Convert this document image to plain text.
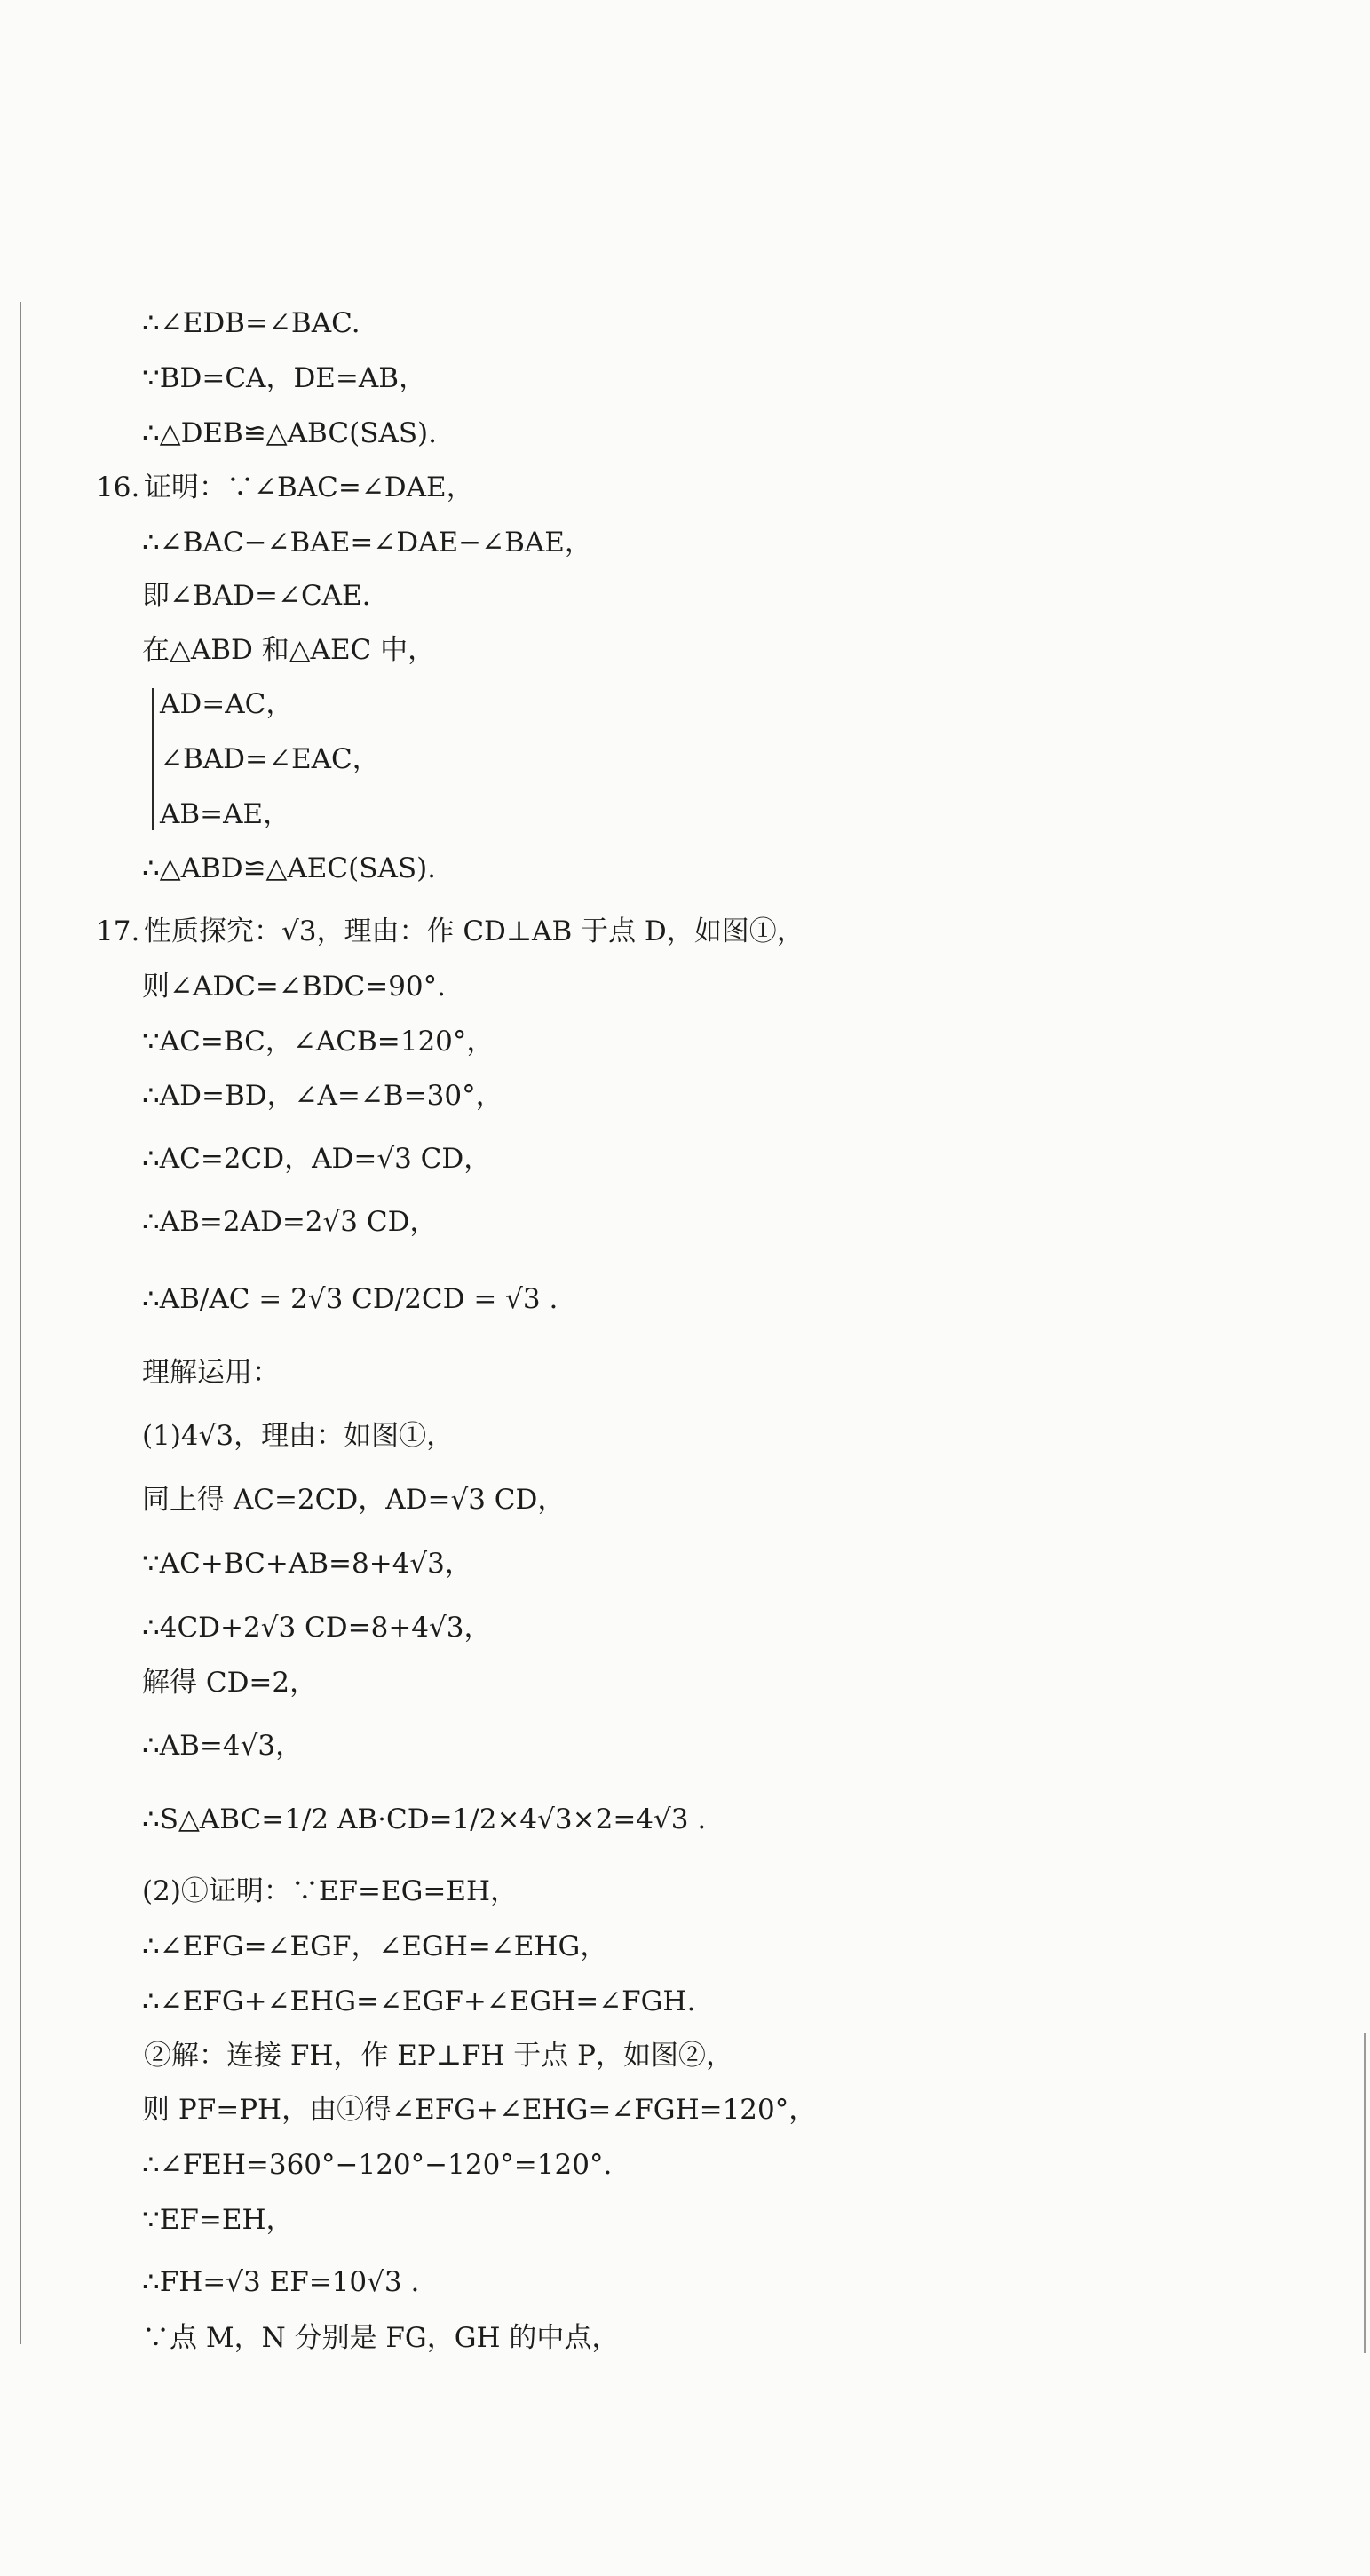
∴∠EDB=∠BAC.
∵BD=CA，DE=AB，
∴△DEB≌△ABC(SAS).
16. 证明：∵∠BAC=∠DAE，
∴∠BAC−∠BAE=∠DAE−∠BAE，
即∠BAD=∠CAE.
在△ABD 和△AEC 中，
AD=AC，
∠BAD=∠EAC，
AB=AE，
∴△ABD≌△AEC(SAS).
17. 性质探究：√3，理由：作 CD⊥AB 于点 D，如图①，
则∠ADC=∠BDC=90°.
∵AC=BC，∠ACB=120°，
∴AD=BD，∠A=∠B=30°，
∴AC=2CD，AD=√3 CD，
∴AB=2AD=2√3 CD，
∴AB/AC = 2√3 CD/2CD = √3 .
理解运用：
(1)4√3，理由：如图①，
同上得 AC=2CD，AD=√3 CD，
∵AC+BC+AB=8+4√3，
∴4CD+2√3 CD=8+4√3，
解得 CD=2，
∴AB=4√3，
∴S△ABC=1/2 AB·CD=1/2×4√3×2=4√3 .
(2)①证明：∵EF=EG=EH，
∴∠EFG=∠EGF，∠EGH=∠EHG，
∴∠EFG+∠EHG=∠EGF+∠EGH=∠FGH.
②解：连接 FH，作 EP⊥FH 于点 P，如图②，
则 PF=PH，由①得∠EFG+∠EHG=∠FGH=120°，
∴∠FEH=360°−120°−120°=120°.
∵EF=EH，
∴FH=√3 EF=10√3 .
∵点 M，N 分别是 FG，GH 的中点，
